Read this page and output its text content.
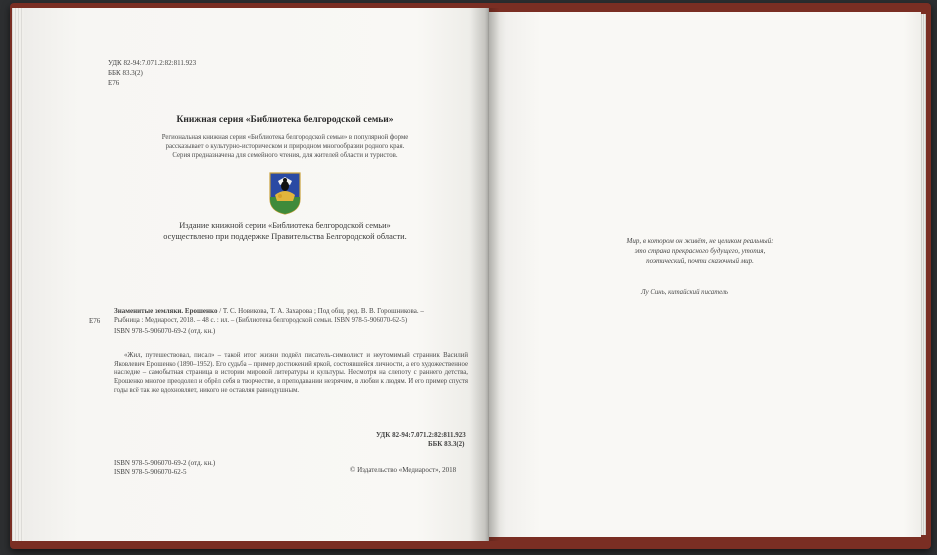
УДК 82-94:7.071.2:82:811.923
ББК 83.3(2)
Е76
Книжная серия «Библиотека белгородской семьи»
Региональная книжная серия «Библиотека белгородской семьи» в популярной форме
рассказывает о культурно-историческом и природном многообразии родного края.
Серия предназначена для семейного чтения, для жителей области и туристов.
Издание книжной серии «Библиотека белгородской семьи»
осуществлено при поддержке Правительства Белгородской области.
Е76
Знаменитые земляки. Ерошенко / Т. С. Новикова, Т. А. Захарова ; Под общ. ред. В. В. Горошникова. –
Рыбница : Медиарост, 2018. – 48 с. : ил. – (Библиотека белгородской семьи. ISBN 978-5-906070-62-5)
ISBN 978-5-906070-69-2 (отд. кн.)
«Жил, путешествовал, писал» – такой итог жизни подвёл писатель-символист и неутомимый странник Василий Яковлевич Ерошенко (1890–1952). Его судьба – пример достижений яркой, состоявшейся личности, а его художественное наследие – самобытная страница в истории мировой литературы и культуры. Несмотря на слепоту с раннего детства, Ерошенко многое преодолел и обрёл себя в творчестве, в преподавании незрячим, в любви к людям. И его пример спустя годы всё так же вдохновляет, никого не оставляя равнодушным.
УДК 82-94:7.071.2:82:811.923
ББК 83.3(2)
ISBN 978-5-906070-69-2 (отд. кн.)
ISBN 978-5-906070-62-5	© Издательство «Медиарост», 2018
Мир, в котором он живёт, не целиком реальный:
это страна прекрасного будущего, утопия,
поэтический, почти сказочный мир.
Лу Синь, китайский писатель
